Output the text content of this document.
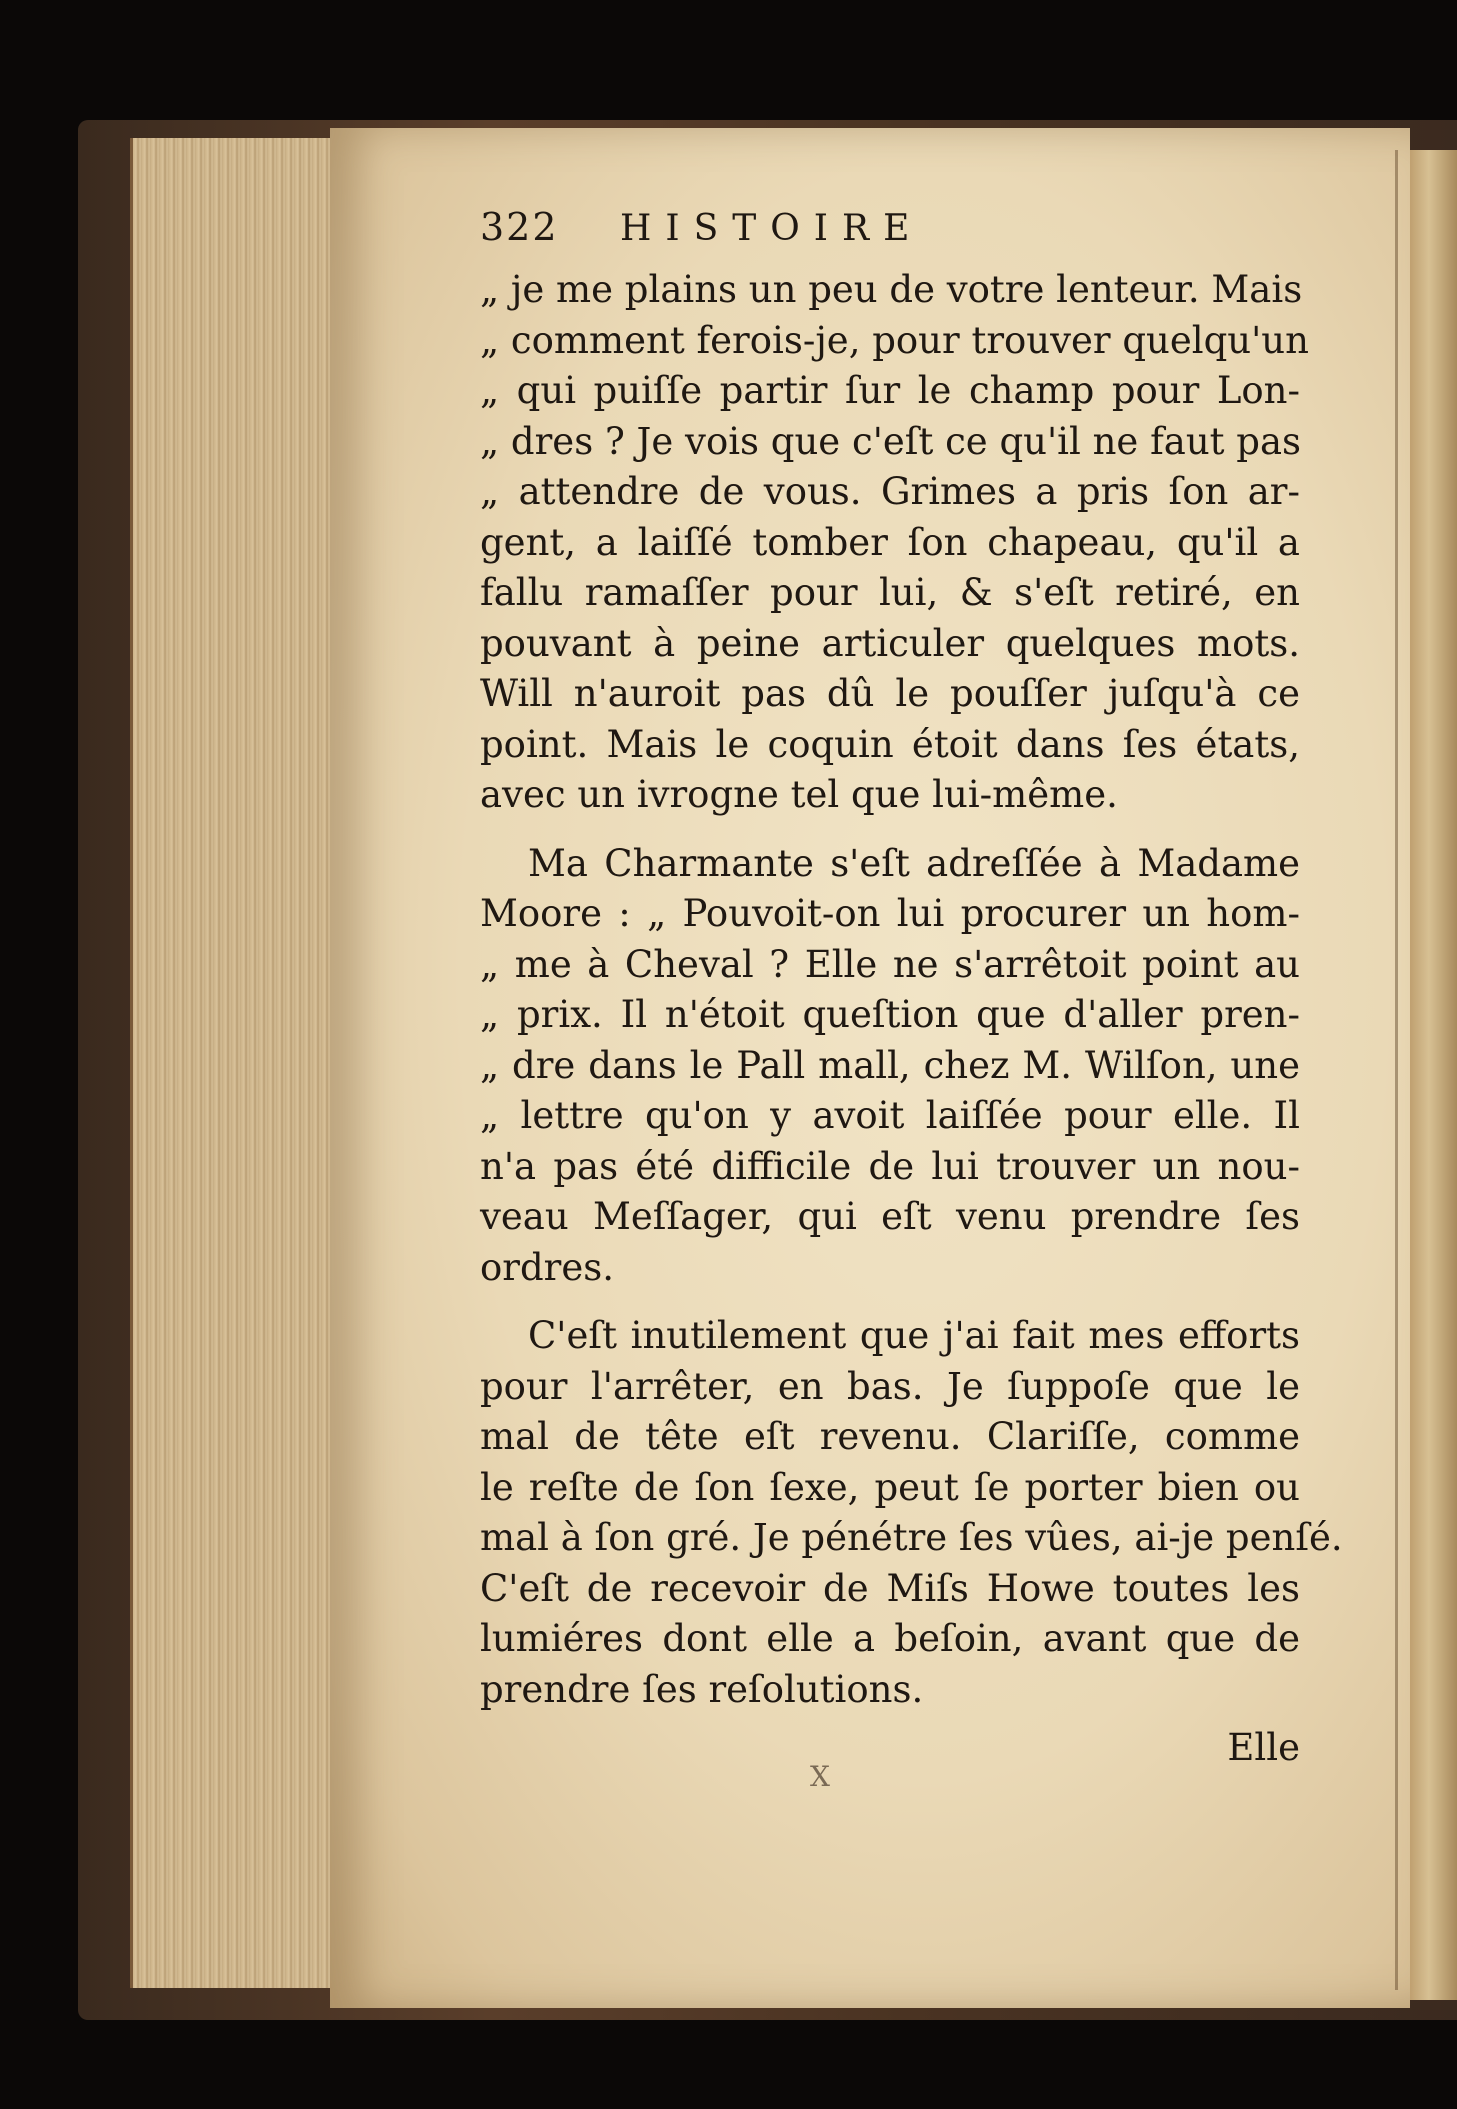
322	HISTOIRE
„ je me plains un peu de votre lenteur. Mais
„ comment ferois-je, pour trouver quelqu'un
„ qui puiſſe partir ſur le champ pour Lon-
„ dres ? Je vois que c'eſt ce qu'il ne faut pas
„ attendre de vous. Grimes a pris ſon ar-
gent, a laiſſé tomber ſon chapeau, qu'il a
fallu ramaſſer pour lui, & s'eſt retiré, en
pouvant à peine articuler quelques mots.
Will n'auroit pas dû le pouſſer juſqu'à ce
point. Mais le coquin étoit dans ſes états,
avec un ivrogne tel que lui-même.
Ma Charmante s'eſt adreſſée à Madame
Moore : „ Pouvoit-on lui procurer un hom-
„ me à Cheval ? Elle ne s'arrêtoit point au
„ prix. Il n'étoit queſtion que d'aller pren-
„ dre dans le Pall mall, chez M. Wilſon, une
„ lettre qu'on y avoit laiſſée pour elle. Il
n'a pas été difficile de lui trouver un nou-
veau Meſſager, qui eſt venu prendre ſes
ordres.
C'eſt inutilement que j'ai fait mes efforts
pour l'arrêter, en bas. Je ſuppoſe que le
mal de tête eſt revenu. Clariſſe, comme
le reſte de ſon ſexe, peut ſe porter bien ou
mal à ſon gré. Je pénétre ſes vûes, ai-je penſé.
C'eſt de recevoir de Miſs Howe toutes les
lumiéres dont elle a beſoin, avant que de
prendre ſes reſolutions.
Elle
X
